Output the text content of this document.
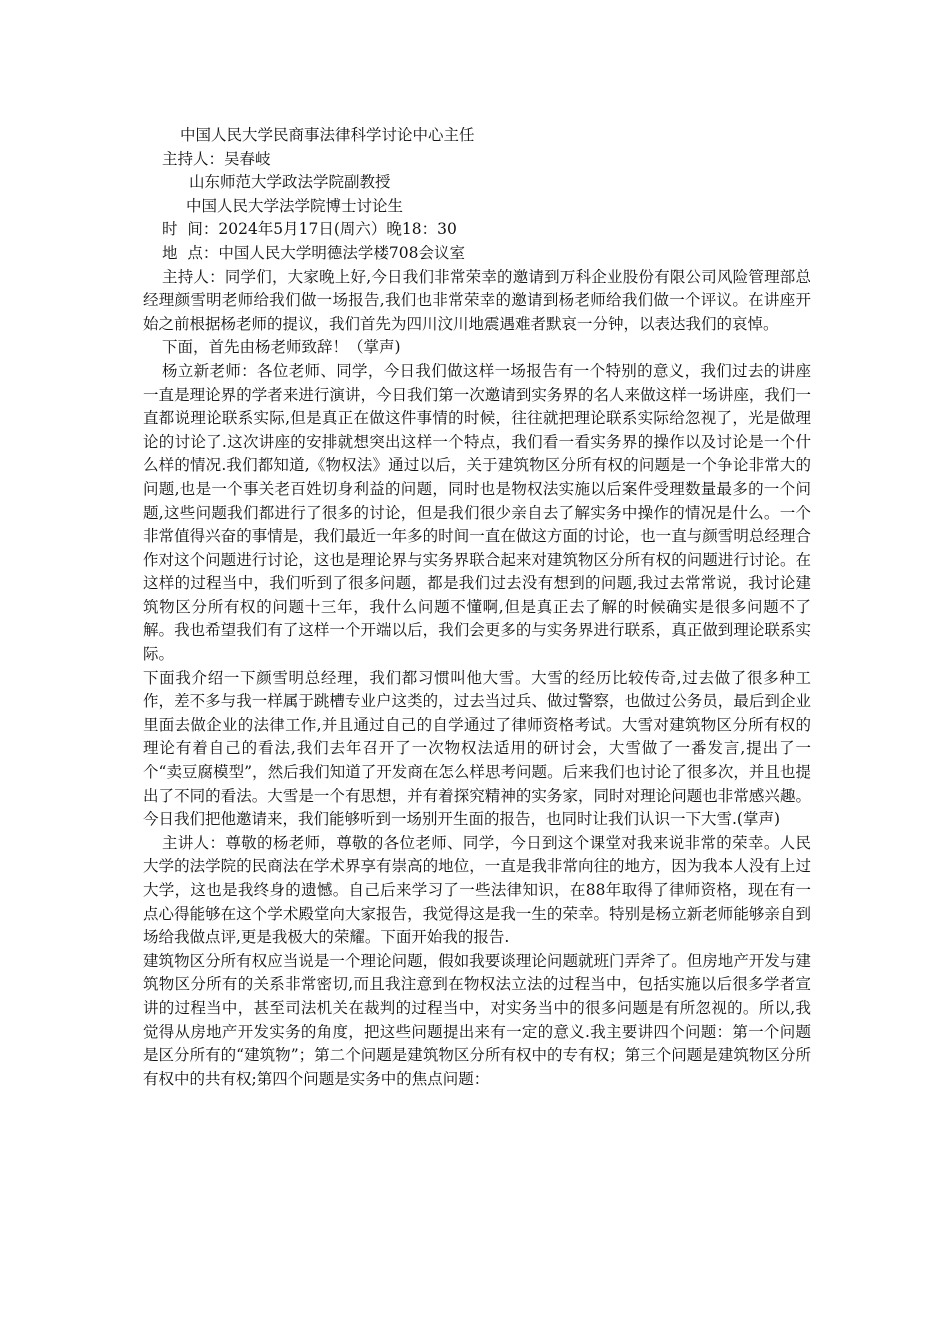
中国人民大学民商事法律科学讨论中心主任
主持人：吴春岐
山东师范大学政法学院副教授
中国人民大学法学院博士讨论生
时  间：2024年5月17日(周六）晚18：30
地  点：中国人民大学明德法学楼708会议室

主持人：同学们，大家晚上好,今日我们非常荣幸的邀请到万科企业股份有限公司风险管理部总经理颜雪明老师给我们做一场报告,我们也非常荣幸的邀请到杨老师给我们做一个评议。在讲座开始之前根据杨老师的提议，我们首先为四川汶川地震遇难者默哀一分钟，以表达我们的哀悼。

下面，首先由杨老师致辞！（掌声)

杨立新老师：各位老师、同学，今日我们做这样一场报告有一个特别的意义，我们过去的讲座一直是理论界的学者来进行演讲，今日我们第一次邀请到实务界的名人来做这样一场讲座，我们一直都说理论联系实际,但是真正在做这件事情的时候，往往就把理论联系实际给忽视了，光是做理论的讨论了.这次讲座的安排就想突出这样一个特点，我们看一看实务界的操作以及讨论是一个什么样的情况.我们都知道,《物权法》通过以后，关于建筑物区分所有权的问题是一个争论非常大的问题,也是一个事关老百姓切身利益的问题，同时也是物权法实施以后案件受理数量最多的一个问题,这些问题我们都进行了很多的讨论，但是我们很少亲自去了解实务中操作的情况是什么。一个非常值得兴奋的事情是，我们最近一年多的时间一直在做这方面的讨论，也一直与颜雪明总经理合作对这个问题进行讨论，这也是理论界与实务界联合起来对建筑物区分所有权的问题进行讨论。在这样的过程当中，我们听到了很多问题，都是我们过去没有想到的问题,我过去常常说，我讨论建筑物区分所有权的问题十三年，我什么问题不懂啊,但是真正去了解的时候确实是很多问题不了解。我也希望我们有了这样一个开端以后，我们会更多的与实务界进行联系，真正做到理论联系实际。

下面我介绍一下颜雪明总经理，我们都习惯叫他大雪。大雪的经历比较传奇,过去做了很多种工作，差不多与我一样属于跳槽专业户这类的，过去当过兵、做过警察，也做过公务员，最后到企业里面去做企业的法律工作,并且通过自己的自学通过了律师资格考试。大雪对建筑物区分所有权的理论有着自己的看法,我们去年召开了一次物权法适用的研讨会，大雪做了一番发言,提出了一个“卖豆腐模型”，然后我们知道了开发商在怎么样思考问题。后来我们也讨论了很多次，并且也提出了不同的看法。大雪是一个有思想，并有着探究精神的实务家，同时对理论问题也非常感兴趣。今日我们把他邀请来，我们能够听到一场别开生面的报告，也同时让我们认识一下大雪.(掌声)

主讲人：尊敬的杨老师，尊敬的各位老师、同学，今日到这个课堂对我来说非常的荣幸。人民大学的法学院的民商法在学术界享有崇高的地位，一直是我非常向往的地方，因为我本人没有上过大学，这也是我终身的遗憾。自己后来学习了一些法律知识，在88年取得了律师资格，现在有一点心得能够在这个学术殿堂向大家报告，我觉得这是我一生的荣幸。特别是杨立新老师能够亲自到场给我做点评,更是我极大的荣耀。下面开始我的报告.

建筑物区分所有权应当说是一个理论问题，假如我要谈理论问题就班门弄斧了。但房地产开发与建筑物区分所有的关系非常密切,而且我注意到在物权法立法的过程当中，包括实施以后很多学者宣讲的过程当中，甚至司法机关在裁判的过程当中，对实务当中的很多问题是有所忽视的。所以,我觉得从房地产开发实务的角度，把这些问题提出来有一定的意义.我主要讲四个问题：第一个问题是区分所有的“建筑物”；第二个问题是建筑物区分所有权中的专有权；第三个问题是建筑物区分所有权中的共有权;第四个问题是实务中的焦点问题：
